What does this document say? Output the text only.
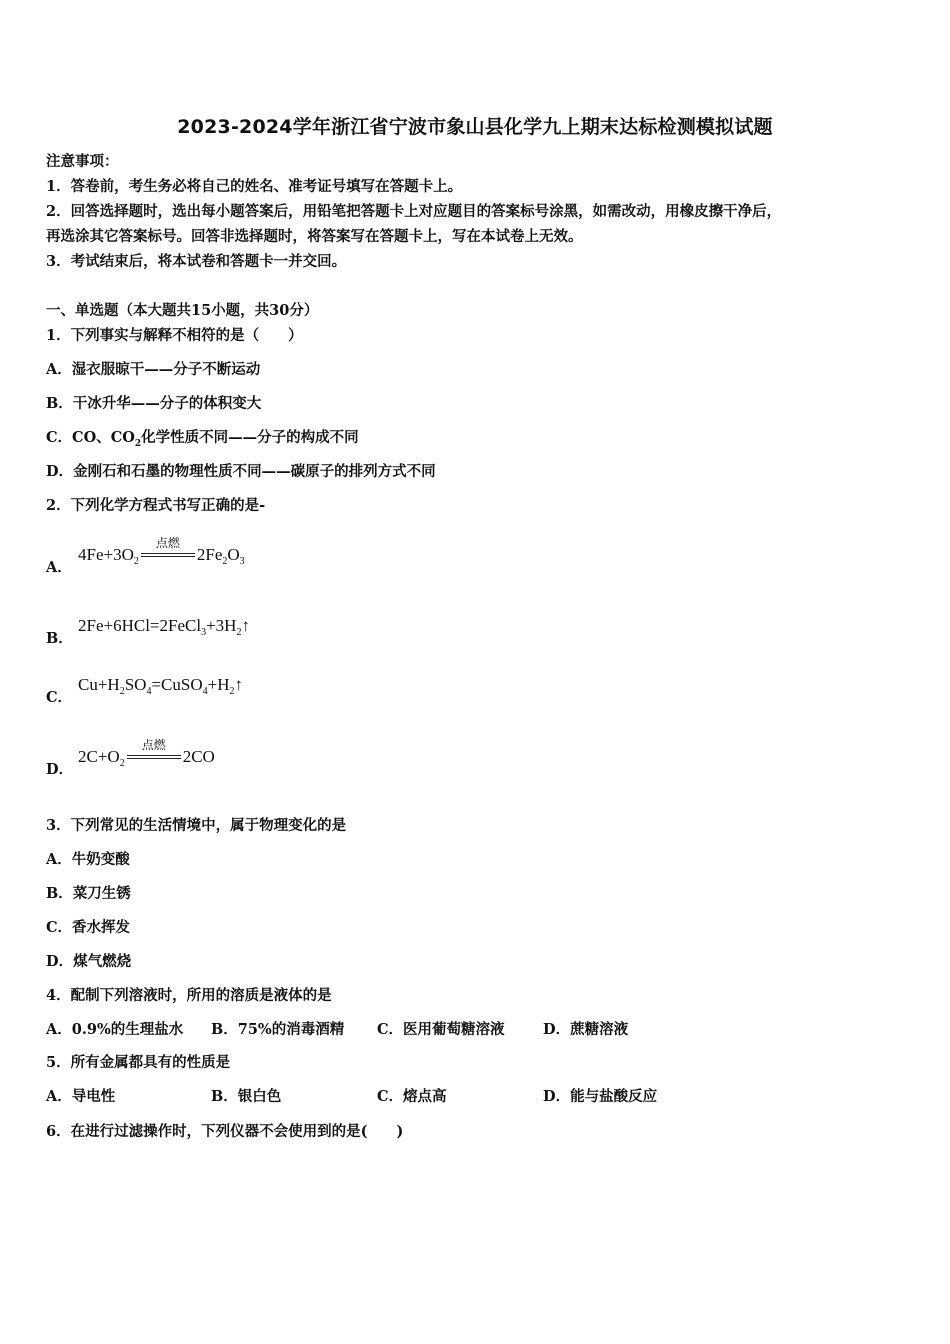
2023-2024学年浙江省宁波市象山县化学九上期末达标检测模拟试题
注意事项：
1．答卷前，考生务必将自己的姓名、准考证号填写在答题卡上。
2．回答选择题时，选出每小题答案后，用铅笔把答题卡上对应题目的答案标号涂黑，如需改动，用橡皮擦干净后，
再选涂其它答案标号。回答非选择题时，将答案写在答题卡上，写在本试卷上无效。
3．考试结束后，将本试卷和答题卡一并交回。
一、单选题（本大题共15小题，共30分）
1．下列事实与解释不相符的是（　　）
A．湿衣服晾干——分子不断运动
B．干冰升华——分子的体积变大
C．CO、$CO_2$化学性质不同——分子的构成不同
D．金刚石和石墨的物理性质不同——碳原子的排列方式不同
2．下列化学方程式书写正确的是-
A．
$4Fe+3O_2$
点燃
$2Fe_2O_3$
B．
$2Fe+6HCl=2FeCl_3+3H_2↑$
C．
$Cu+H_2SO_4=CuSO_4+H_2↑$
D．
$2C+O_2$
点燃
2CO
3．下列常见的生活情境中，属于物理变化的是
A．牛奶变酸
B．菜刀生锈
C．香水挥发
D．煤气燃烧
4．配制下列溶液时，所用的溶质是液体的是
A．0.9%的生理盐水 B．75%的消毒酒精 C．医用葡萄糖溶液	D．蔗糖溶液
5．所有金属都具有的性质是
A．导电性	B．银白色	C．熔点高	D．能与盐酸反应
6．在进行过滤操作时，下列仪器不会使用到的是(　　)
